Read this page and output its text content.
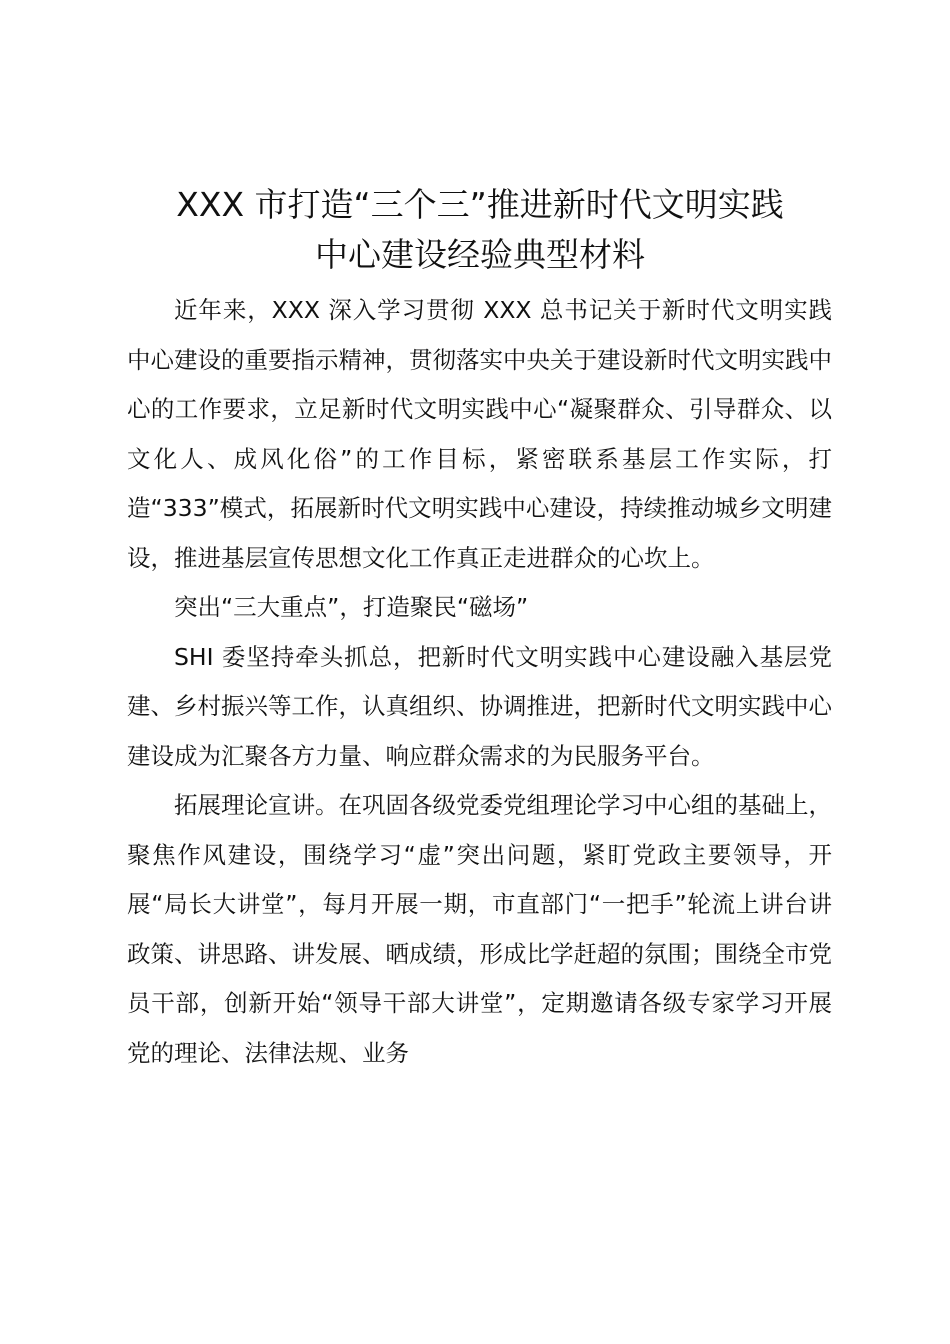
XXX 市打造“三个三”推进新时代文明实践
中心建设经验典型材料

近年来，XXX 深入学习贯彻 XXX 总书记关于新时代文明实践中心建设的重要指示精神，贯彻落实中央关于建设新时代文明实践中心的工作要求，立足新时代文明实践中心“凝聚群众、引导群众、以文化人、成风化俗”的工作目标，紧密联系基层工作实际，打造“333”模式，拓展新时代文明实践中心建设，持续推动城乡文明建设，推进基层宣传思想文化工作真正走进群众的心坎上。

突出“三大重点”，打造聚民“磁场”

SHI 委坚持牵头抓总，把新时代文明实践中心建设融入基层党建、乡村振兴等工作，认真组织、协调推进，把新时代文明实践中心建设成为汇聚各方力量、响应群众需求的为民服务平台。

拓展理论宣讲。在巩固各级党委党组理论学习中心组的基础上，聚焦作风建设，围绕学习“虚”突出问题，紧盯党政主要领导，开展“局长大讲堂”，每月开展一期，市直部门“一把手”轮流上讲台讲政策、讲思路、讲发展、晒成绩，形成比学赶超的氛围；围绕全市党员干部，创新开始“领导干部大讲堂”，定期邀请各级专家学习开展党的理论、法律法规、业务
